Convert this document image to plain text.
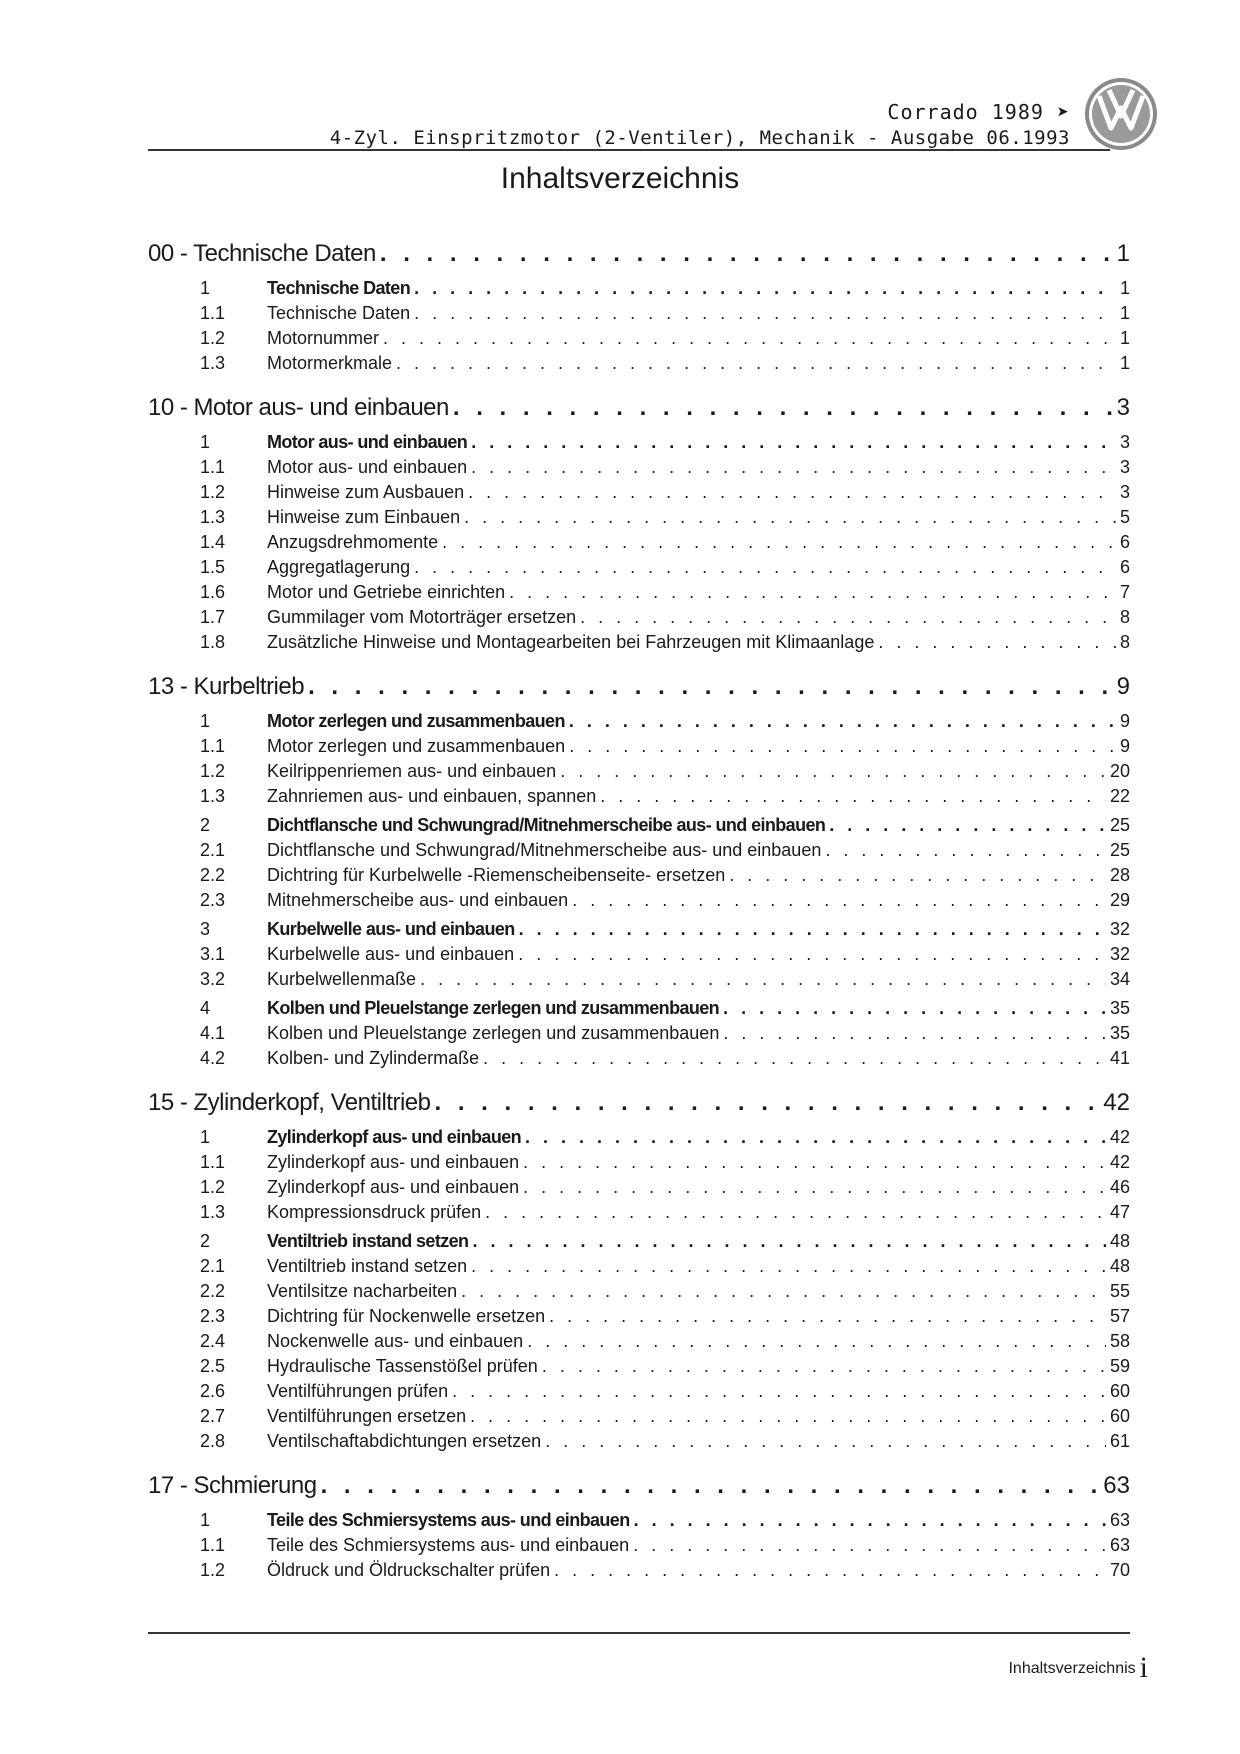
Corrado 1989 ➤
4-Zyl. Einspritzmotor (2-Ventiler), Mechanik - Ausgabe 06.1993
Inhaltsverzeichnis
00 - Technische Daten . . .	1
1	Technische Daten . . .	1
1.1	Technische Daten . . .	1
1.2	Motornummer . . .	1
1.3	Motormerkmale . . .	1
10 - Motor aus- und einbauen . . .	3
1	Motor aus- und einbauen . . .	3
1.1	Motor aus- und einbauen . . .	3
1.2	Hinweise zum Ausbauen . . .	3
1.3	Hinweise zum Einbauen . . .	5
1.4	Anzugsdrehmomente . . .	6
1.5	Aggregatlagerung . . .	6
1.6	Motor und Getriebe einrichten . . .	7
1.7	Gummilager vom Motorträger ersetzen . . .	8
1.8	Zusätzliche Hinweise und Montagearbeiten bei Fahrzeugen mit Klimaanlage . . .	8
13 - Kurbeltrieb . . .	9
1	Motor zerlegen und zusammenbauen . . .	9
1.1	Motor zerlegen und zusammenbauen . . .	9
1.2	Keilrippenriemen aus- und einbauen . . .	20
1.3	Zahnriemen aus- und einbauen, spannen . . .	22
2	Dichtflansche und Schwungrad/Mitnehmerscheibe aus- und einbauen . . .	25
2.1	Dichtflansche und Schwungrad/Mitnehmerscheibe aus- und einbauen . . .	25
2.2	Dichtring für Kurbelwelle -Riemenscheibenseite- ersetzen . . .	28
2.3	Mitnehmerscheibe aus- und einbauen . . .	29
3	Kurbelwelle aus- und einbauen . . .	32
3.1	Kurbelwelle aus- und einbauen . . .	32
3.2	Kurbelwellenmaße . . .	34
4	Kolben und Pleuelstange zerlegen und zusammenbauen . . .	35
4.1	Kolben und Pleuelstange zerlegen und zusammenbauen . . .	35
4.2	Kolben- und Zylindermaße . . .	41
15 - Zylinderkopf, Ventiltrieb . . .	42
1	Zylinderkopf aus- und einbauen . . .	42
1.1	Zylinderkopf aus- und einbauen . . .	42
1.2	Zylinderkopf aus- und einbauen . . .	46
1.3	Kompressionsdruck prüfen . . .	47
2	Ventiltrieb instand setzen . . .	48
2.1	Ventiltrieb instand setzen . . .	48
2.2	Ventilsitze nacharbeiten . . .	55
2.3	Dichtring für Nockenwelle ersetzen . . .	57
2.4	Nockenwelle aus- und einbauen . . .	58
2.5	Hydraulische Tassenstößel prüfen . . .	59
2.6	Ventilführungen prüfen . . .	60
2.7	Ventilführungen ersetzen . . .	60
2.8	Ventilschaftabdichtungen ersetzen . . .	61
17 - Schmierung . . .	63
1	Teile des Schmiersystems aus- und einbauen . . .	63
1.1	Teile des Schmiersystems aus- und einbauen . . .	63
1.2	Öldruck und Öldruckschalter prüfen . . .	70
Inhaltsverzeichnis i
